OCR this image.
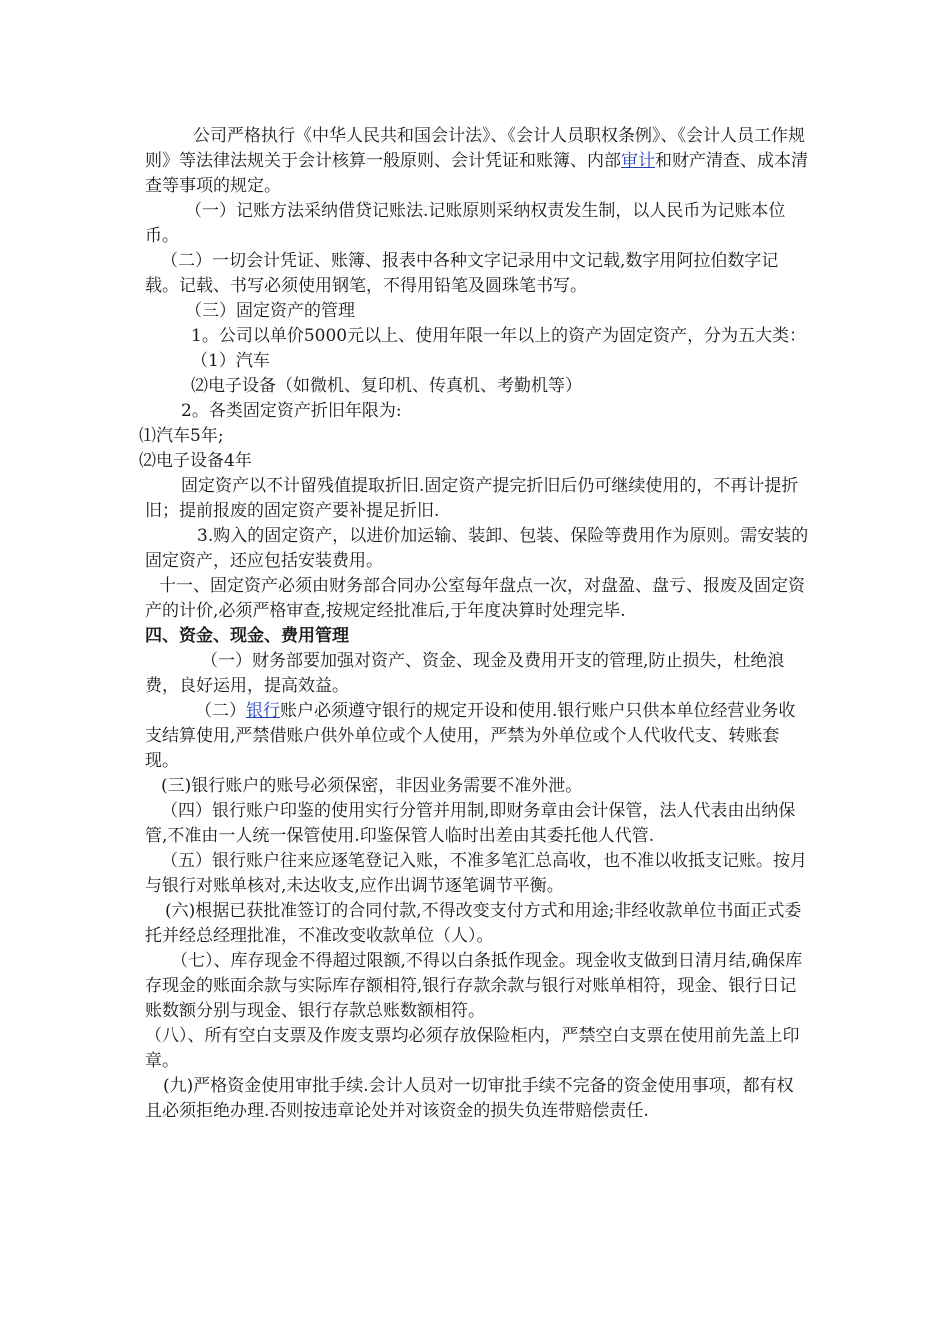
公司严格执行《中华人民共和国会计法》、《会计人员职权条例》、《会计人员工作规则》等法律法规关于会计核算一般原则、会计凭证和账簿、内部审计和财产清查、成本清查等事项的规定。

（一）记账方法采纳借贷记账法.记账原则采纳权责发生制，以人民币为记账本位币。

（二）一切会计凭证、账簿、报表中各种文字记录用中文记载,数字用阿拉伯数字记载。记载、书写必须使用钢笔，不得用铅笔及圆珠笔书写。

（三）固定资产的管理

1。公司以单价5000元以上、使用年限一年以上的资产为固定资产，分为五大类：

（1）汽车

⑵电子设备（如微机、复印机、传真机、考勤机等）

2。各类固定资产折旧年限为:

⑴汽车5年;

⑵电子设备4年

固定资产以不计留残值提取折旧.固定资产提完折旧后仍可继续使用的，不再计提折旧；提前报废的固定资产要补提足折旧.

3.购入的固定资产，以进价加运输、装卸、包装、保险等费用作为原则。需安装的固定资产，还应包括安装费用。

十一、固定资产必须由财务部合同办公室每年盘点一次，对盘盈、盘亏、报废及固定资产的计价,必须严格审查,按规定经批准后,于年度决算时处理完毕.

四、资金、现金、费用管理

（一）财务部要加强对资产、资金、现金及费用开支的管理,防止损失，杜绝浪费，良好运用，提高效益。

（二）银行账户必须遵守银行的规定开设和使用.银行账户只供本单位经营业务收支结算使用,严禁借账户供外单位或个人使用，严禁为外单位或个人代收代支、转账套现。

(三)银行账户的账号必须保密，非因业务需要不准外泄。

（四）银行账户印鉴的使用实行分管并用制,即财务章由会计保管，法人代表由出纳保管,不准由一人统一保管使用.印鉴保管人临时出差由其委托他人代管.

（五）银行账户往来应逐笔登记入账，不准多笔汇总高收，也不准以收抵支记账。按月与银行对账单核对,未达收支,应作出调节逐笔调节平衡。

(六)根据已获批准签订的合同付款,不得改变支付方式和用途;非经收款单位书面正式委托并经总经理批准，不准改变收款单位（人）。

（七）、库存现金不得超过限额,不得以白条抵作现金。现金收支做到日清月结,确保库存现金的账面余款与实际库存额相符,银行存款余款与银行对账单相符，现金、银行日记账数额分别与现金、银行存款总账数额相符。

（八）、所有空白支票及作废支票均必须存放保险柜内，严禁空白支票在使用前先盖上印章。

(九)严格资金使用审批手续.会计人员对一切审批手续不完备的资金使用事项，都有权且必须拒绝办理.否则按违章论处并对该资金的损失负连带赔偿责任.
